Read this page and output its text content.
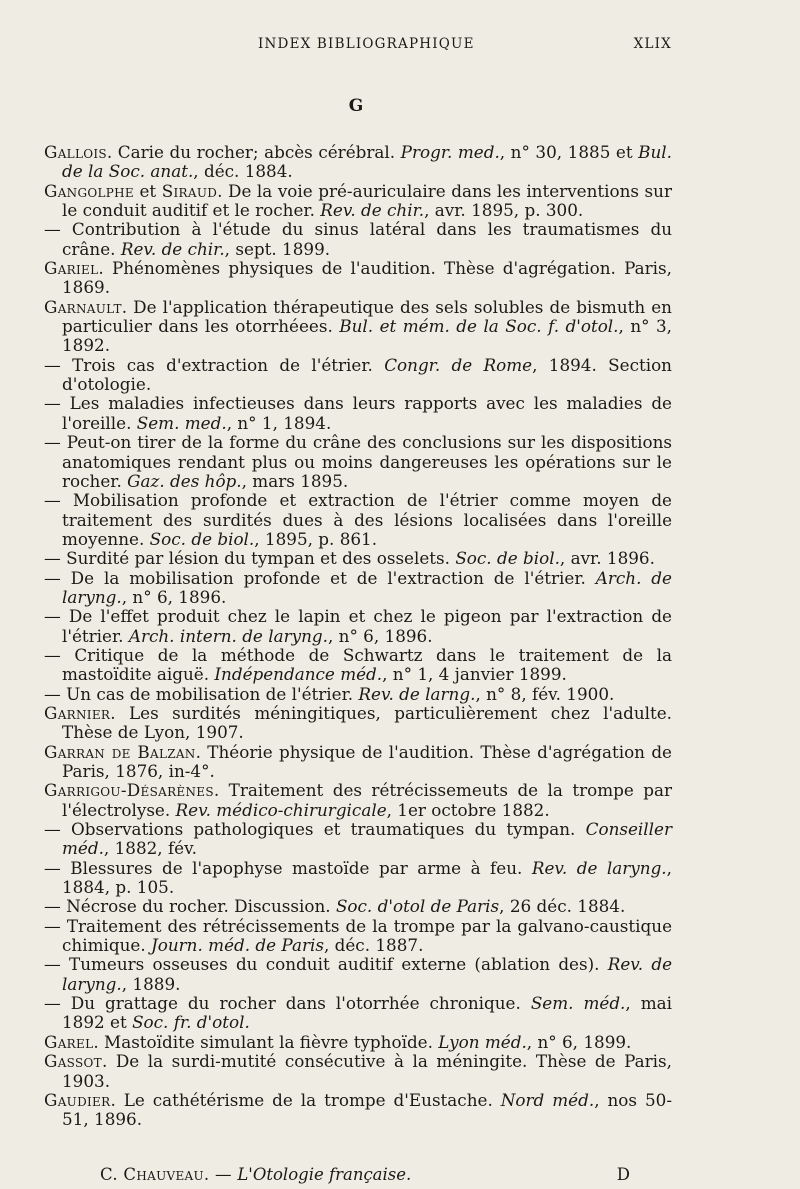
INDEX BIBLIOGRAPHIQUE	XLIX
G

Gallois. Carie du rocher; abcès cérébral. Progr. med., n° 30, 1885 et Bul. de la Soc. anat., déc. 1884.

Gangolphe et Siraud. De la voie pré-auriculaire dans les interventions sur le conduit auditif et le rocher. Rev. de chir., avr. 1895, p. 300.

— Contribution à l'étude du sinus latéral dans les traumatismes du crâne. Rev. de chir., sept. 1899.

Gariel. Phénomènes physiques de l'audition. Thèse d'agrégation. Paris, 1869.

Garnault. De l'application thérapeutique des sels solubles de bismuth en particulier dans les otorrhéees. Bul. et mém. de la Soc. f. d'otol., n° 3, 1892.

— Trois cas d'extraction de l'étrier. Congr. de Rome, 1894. Section d'otologie.

— Les maladies infectieuses dans leurs rapports avec les maladies de l'oreille. Sem. med., n° 1, 1894.

— Peut-on tirer de la forme du crâne des conclusions sur les dispositions anatomiques rendant plus ou moins dangereuses les opérations sur le rocher. Gaz. des hôp., mars 1895.

— Mobilisation profonde et extraction de l'étrier comme moyen de traitement des surdités dues à des lésions localisées dans l'oreille moyenne. Soc. de biol., 1895, p. 861.

— Surdité par lésion du tympan et des osselets. Soc. de biol., avr. 1896.

— De la mobilisation profonde et de l'extraction de l'étrier. Arch. de laryng., n° 6, 1896.

— De l'effet produit chez le lapin et chez le pigeon par l'extraction de l'étrier. Arch. intern. de laryng., n° 6, 1896.

— Critique de la méthode de Schwartz dans le traitement de la mastoïdite aiguë. Indépendance méd., n° 1, 4 janvier 1899.

— Un cas de mobilisation de l'étrier. Rev. de larng., n° 8, fév. 1900.

Garnier. Les surdités méningitiques, particulièrement chez l'adulte. Thèse de Lyon, 1907.

Garran de Balzan. Théorie physique de l'audition. Thèse d'agrégation de Paris, 1876, in-4°.

Garrigou-Désarènes. Traitement des rétrécissemeuts de la trompe par l'électrolyse. Rev. médico-chirurgicale, 1er octobre 1882.

— Observations pathologiques et traumatiques du tympan. Conseiller méd., 1882, fév.

— Blessures de l'apophyse mastoïde par arme à feu. Rev. de laryng., 1884, p. 105.

— Nécrose du rocher. Discussion. Soc. d'otol de Paris, 26 déc. 1884.

— Traitement des rétrécissements de la trompe par la galvano-caustique chimique. Journ. méd. de Paris, déc. 1887.

— Tumeurs osseuses du conduit auditif externe (ablation des). Rev. de laryng., 1889.

— Du grattage du rocher dans l'otorrhée chronique. Sem. méd., mai 1892 et Soc. fr. d'otol.

Garel. Mastoïdite simulant la fièvre typhoïde. Lyon méd., n° 6, 1899.

Gassot. De la surdi-mutité consécutive à la méningite. Thèse de Paris, 1903.

Gaudier. Le cathétérisme de la trompe d'Eustache. Nord méd., nos 50-51, 1896.

C. Chauveau. — L'Otologie française.	D
